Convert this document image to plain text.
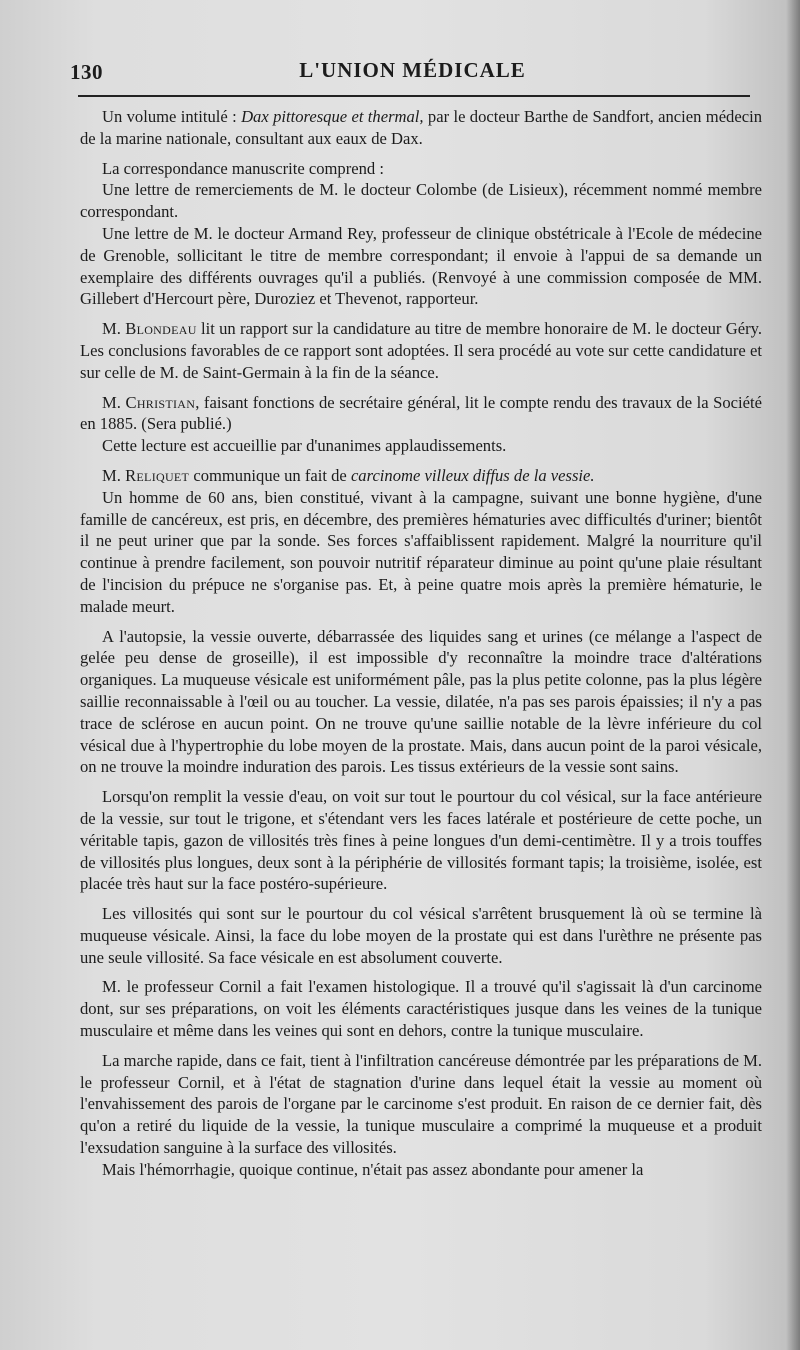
130	L'UNION MÉDICALE

Un volume intitulé : Dax pittoresque et thermal, par le docteur Barthe de Sandfort, ancien médecin de la marine nationale, consultant aux eaux de Dax.

La correspondance manuscrite comprend :

Une lettre de remerciements de M. le docteur Colombe (de Lisieux), récemment nommé membre correspondant.

Une lettre de M. le docteur Armand Rey, professeur de clinique obstétricale à l'Ecole de médecine de Grenoble, sollicitant le titre de membre correspondant; il envoie à l'appui de sa demande un exemplaire des différents ouvrages qu'il a publiés. (Renvoyé à une commission composée de MM. Gillebert d'Hercourt père, Duroziez et Thevenot, rapporteur.

M. Blondeau lit un rapport sur la candidature au titre de membre honoraire de M. le docteur Géry. Les conclusions favorables de ce rapport sont adoptées. Il sera procédé au vote sur cette candidature et sur celle de M. de Saint-Germain à la fin de la séance.

M. Christian, faisant fonctions de secrétaire général, lit le compte rendu des travaux de la Société en 1885. (Sera publié.)

Cette lecture est accueillie par d'unanimes applaudissements.

M. Reliquet communique un fait de carcinome villeux diffus de la vessie.

Un homme de 60 ans, bien constitué, vivant à la campagne, suivant une bonne hygiène, d'une famille de cancéreux, est pris, en décembre, des premières hématuries avec difficultés d'uriner; bientôt il ne peut uriner que par la sonde. Ses forces s'affaiblissent rapidement. Malgré la nourriture qu'il continue à prendre facilement, son pouvoir nutritif réparateur diminue au point qu'une plaie résultant de l'incision du prépuce ne s'organise pas. Et, à peine quatre mois après la première hématurie, le malade meurt.

A l'autopsie, la vessie ouverte, débarrassée des liquides sang et urines (ce mélange a l'aspect de gelée peu dense de groseille), il est impossible d'y reconnaître la moindre trace d'altérations organiques. La muqueuse vésicale est uniformément pâle, pas la plus petite colonne, pas la plus légère saillie reconnaissable à l'œil ou au toucher. La vessie, dilatée, n'a pas ses parois épaissies; il n'y a pas trace de sclérose en aucun point. On ne trouve qu'une saillie notable de la lèvre inférieure du col vésical due à l'hypertrophie du lobe moyen de la prostate. Mais, dans aucun point de la paroi vésicale, on ne trouve la moindre induration des parois. Les tissus extérieurs de la vessie sont sains.

Lorsqu'on remplit la vessie d'eau, on voit sur tout le pourtour du col vésical, sur la face antérieure de la vessie, sur tout le trigone, et s'étendant vers les faces latérale et postérieure de cette poche, un véritable tapis, gazon de villosités très fines à peine longues d'un demi-centimètre. Il y a trois touffes de villosités plus longues, deux sont à la périphérie de villosités formant tapis; la troisième, isolée, est placée très haut sur la face postéro-supérieure.

Les villosités qui sont sur le pourtour du col vésical s'arrêtent brusquement là où se termine là muqueuse vésicale. Ainsi, la face du lobe moyen de la prostate qui est dans l'urèthre ne présente pas une seule villosité. Sa face vésicale en est absolument couverte.

M. le professeur Cornil a fait l'examen histologique. Il a trouvé qu'il s'agissait là d'un carcinome dont, sur ses préparations, on voit les éléments caractéristiques jusque dans les veines de la tunique musculaire et même dans les veines qui sont en dehors, contre la tunique musculaire.

La marche rapide, dans ce fait, tient à l'infiltration cancéreuse démontrée par les préparations de M. le professeur Cornil, et à l'état de stagnation d'urine dans lequel était la vessie au moment où l'envahissement des parois de l'organe par le carcinome s'est produit. En raison de ce dernier fait, dès qu'on a retiré du liquide de la vessie, la tunique musculaire a comprimé la muqueuse et a produit l'exsudation sanguine à la surface des villosités.

Mais l'hémorrhagie, quoique continue, n'était pas assez abondante pour amener la
